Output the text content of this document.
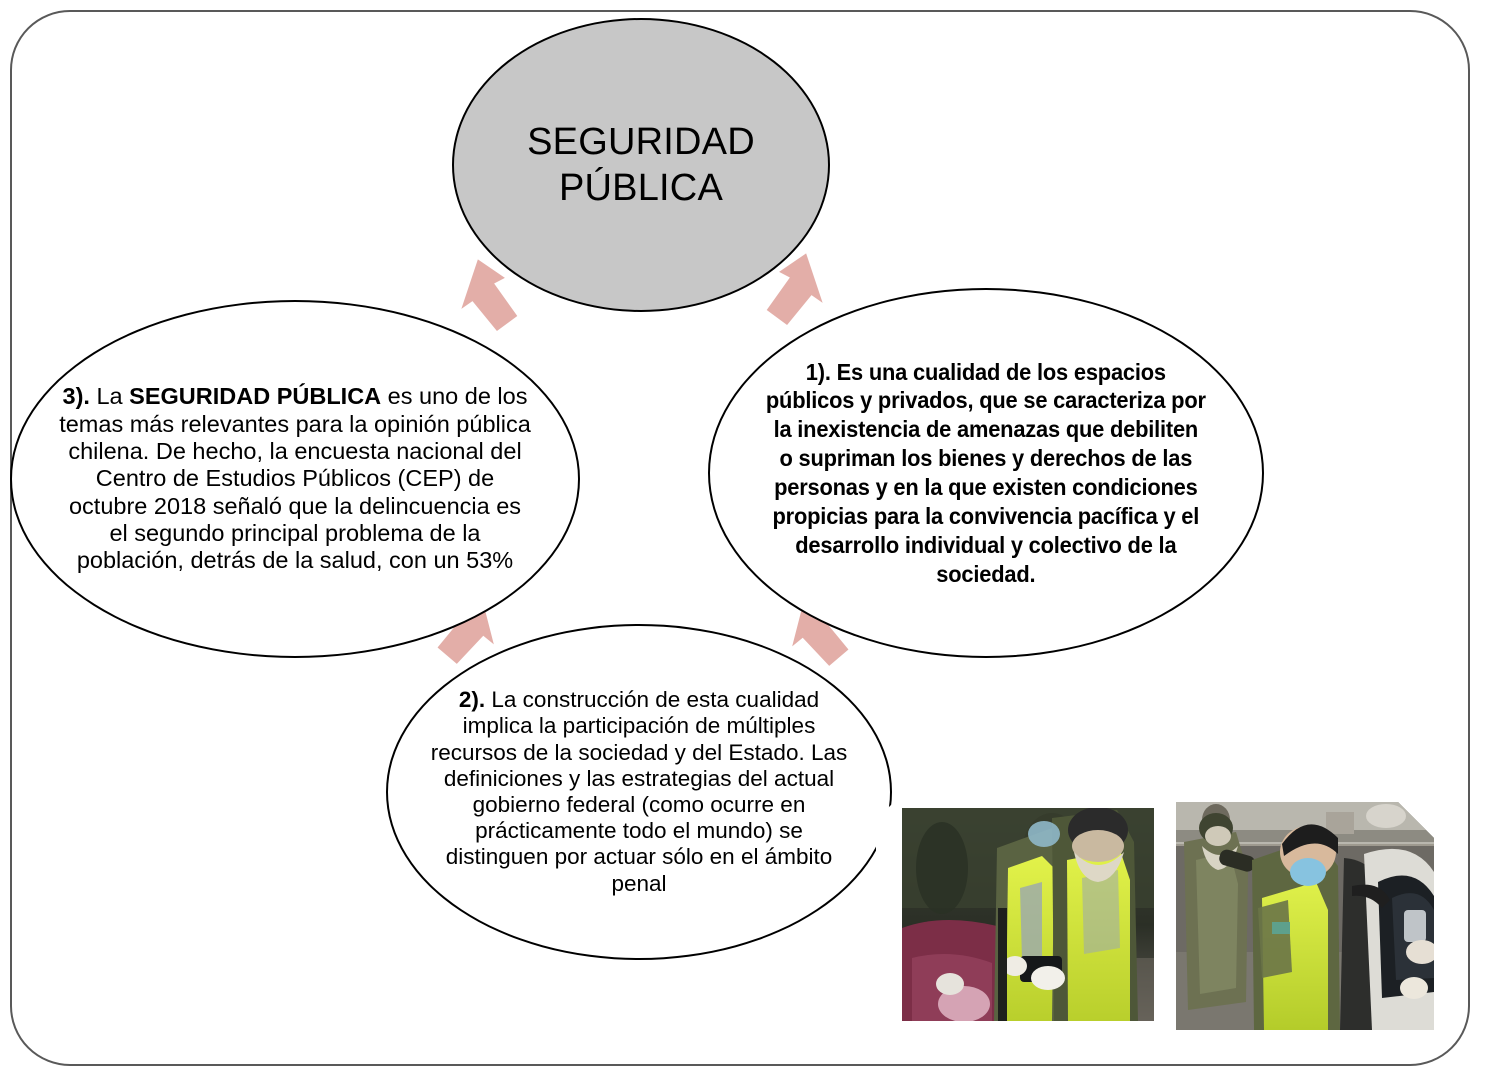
SEGURIDAD
PÚBLICA
3). La SEGURIDAD PÚBLICA es uno de los temas más relevantes para la opinión pública chilena. De hecho, la encuesta nacional del Centro de Estudios Públicos (CEP) de octubre 2018 señaló que la delincuencia es el segundo principal problema de la población, detrás de la salud, con un 53%
1). Es una cualidad de los espacios públicos y privados, que se caracteriza por la inexistencia de amenazas que debiliten o supriman los bienes y derechos de las personas y en la que existen condiciones propicias para la convivencia pacífica y el desarrollo individual y colectivo de la sociedad.
2). La construcción de esta cualidad implica la participación de múltiples recursos de la sociedad y del Estado. Las definiciones y las estrategias del actual gobierno federal (como ocurre en prácticamente todo el mundo) se distinguen por actuar sólo en el ámbito penal
